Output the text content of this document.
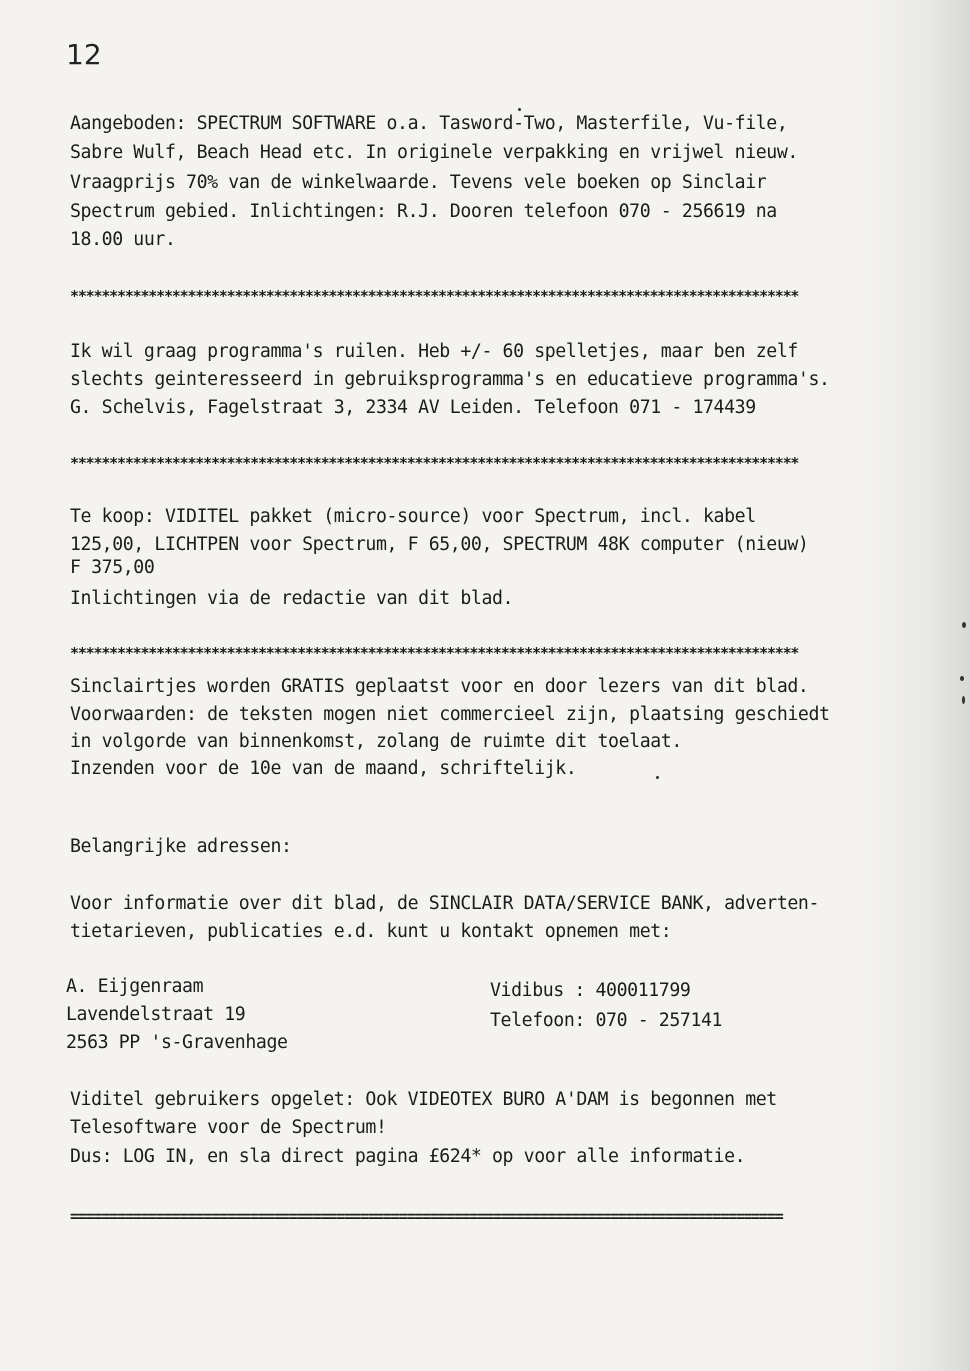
12
Aangeboden: SPECTRUM SOFTWARE o.a. Tasword-Two, Masterfile, Vu-file,
Sabre Wulf, Beach Head etc. In originele verpakking en vrijwel nieuw.
Vraagprijs 70% van de winkelwaarde. Tevens vele boeken op Sinclair
Spectrum gebied. Inlichtingen: R.J. Dooren telefoon 070 - 256619 na
18.00 uur.
*********************************************************************************************
Ik wil graag programma's ruilen. Heb +/- 60 spelletjes, maar ben zelf
slechts geinteresseerd in gebruiksprogramma's en educatieve programma's.
G. Schelvis, Fagelstraat 3, 2334 AV Leiden. Telefoon 071 - 174439
*********************************************************************************************
Te koop: VIDITEL pakket (micro-source) voor Spectrum, incl. kabel
125,00, LICHTPEN voor Spectrum, F 65,00, SPECTRUM 48K computer (nieuw)
F 375,00
Inlichtingen via de redactie van dit blad.
*********************************************************************************************
Sinclairtjes worden GRATIS geplaatst voor en door lezers van dit blad.
Voorwaarden: de teksten mogen niet commercieel zijn, plaatsing geschiedt
in volgorde van binnenkomst, zolang de ruimte dit toelaat.
Inzenden voor de 10e van de maand, schriftelijk.
Belangrijke adressen:
Voor informatie over dit blad, de SINCLAIR DATA/SERVICE BANK, adverten-
tietarieven, publicaties e.d. kunt u kontakt opnemen met:
A. Eijgenraam
Lavendelstraat 19
2563 PP 's-Gravenhage
Vidibus : 400011799
Telefoon: 070 - 257141
Viditel gebruikers opgelet: Ook VIDEOTEX BURO A'DAM is begonnen met
Telesoftware voor de Spectrum!
Dus: LOG IN, en sla direct pagina £624* op voor alle informatie.
===========================================================================================
